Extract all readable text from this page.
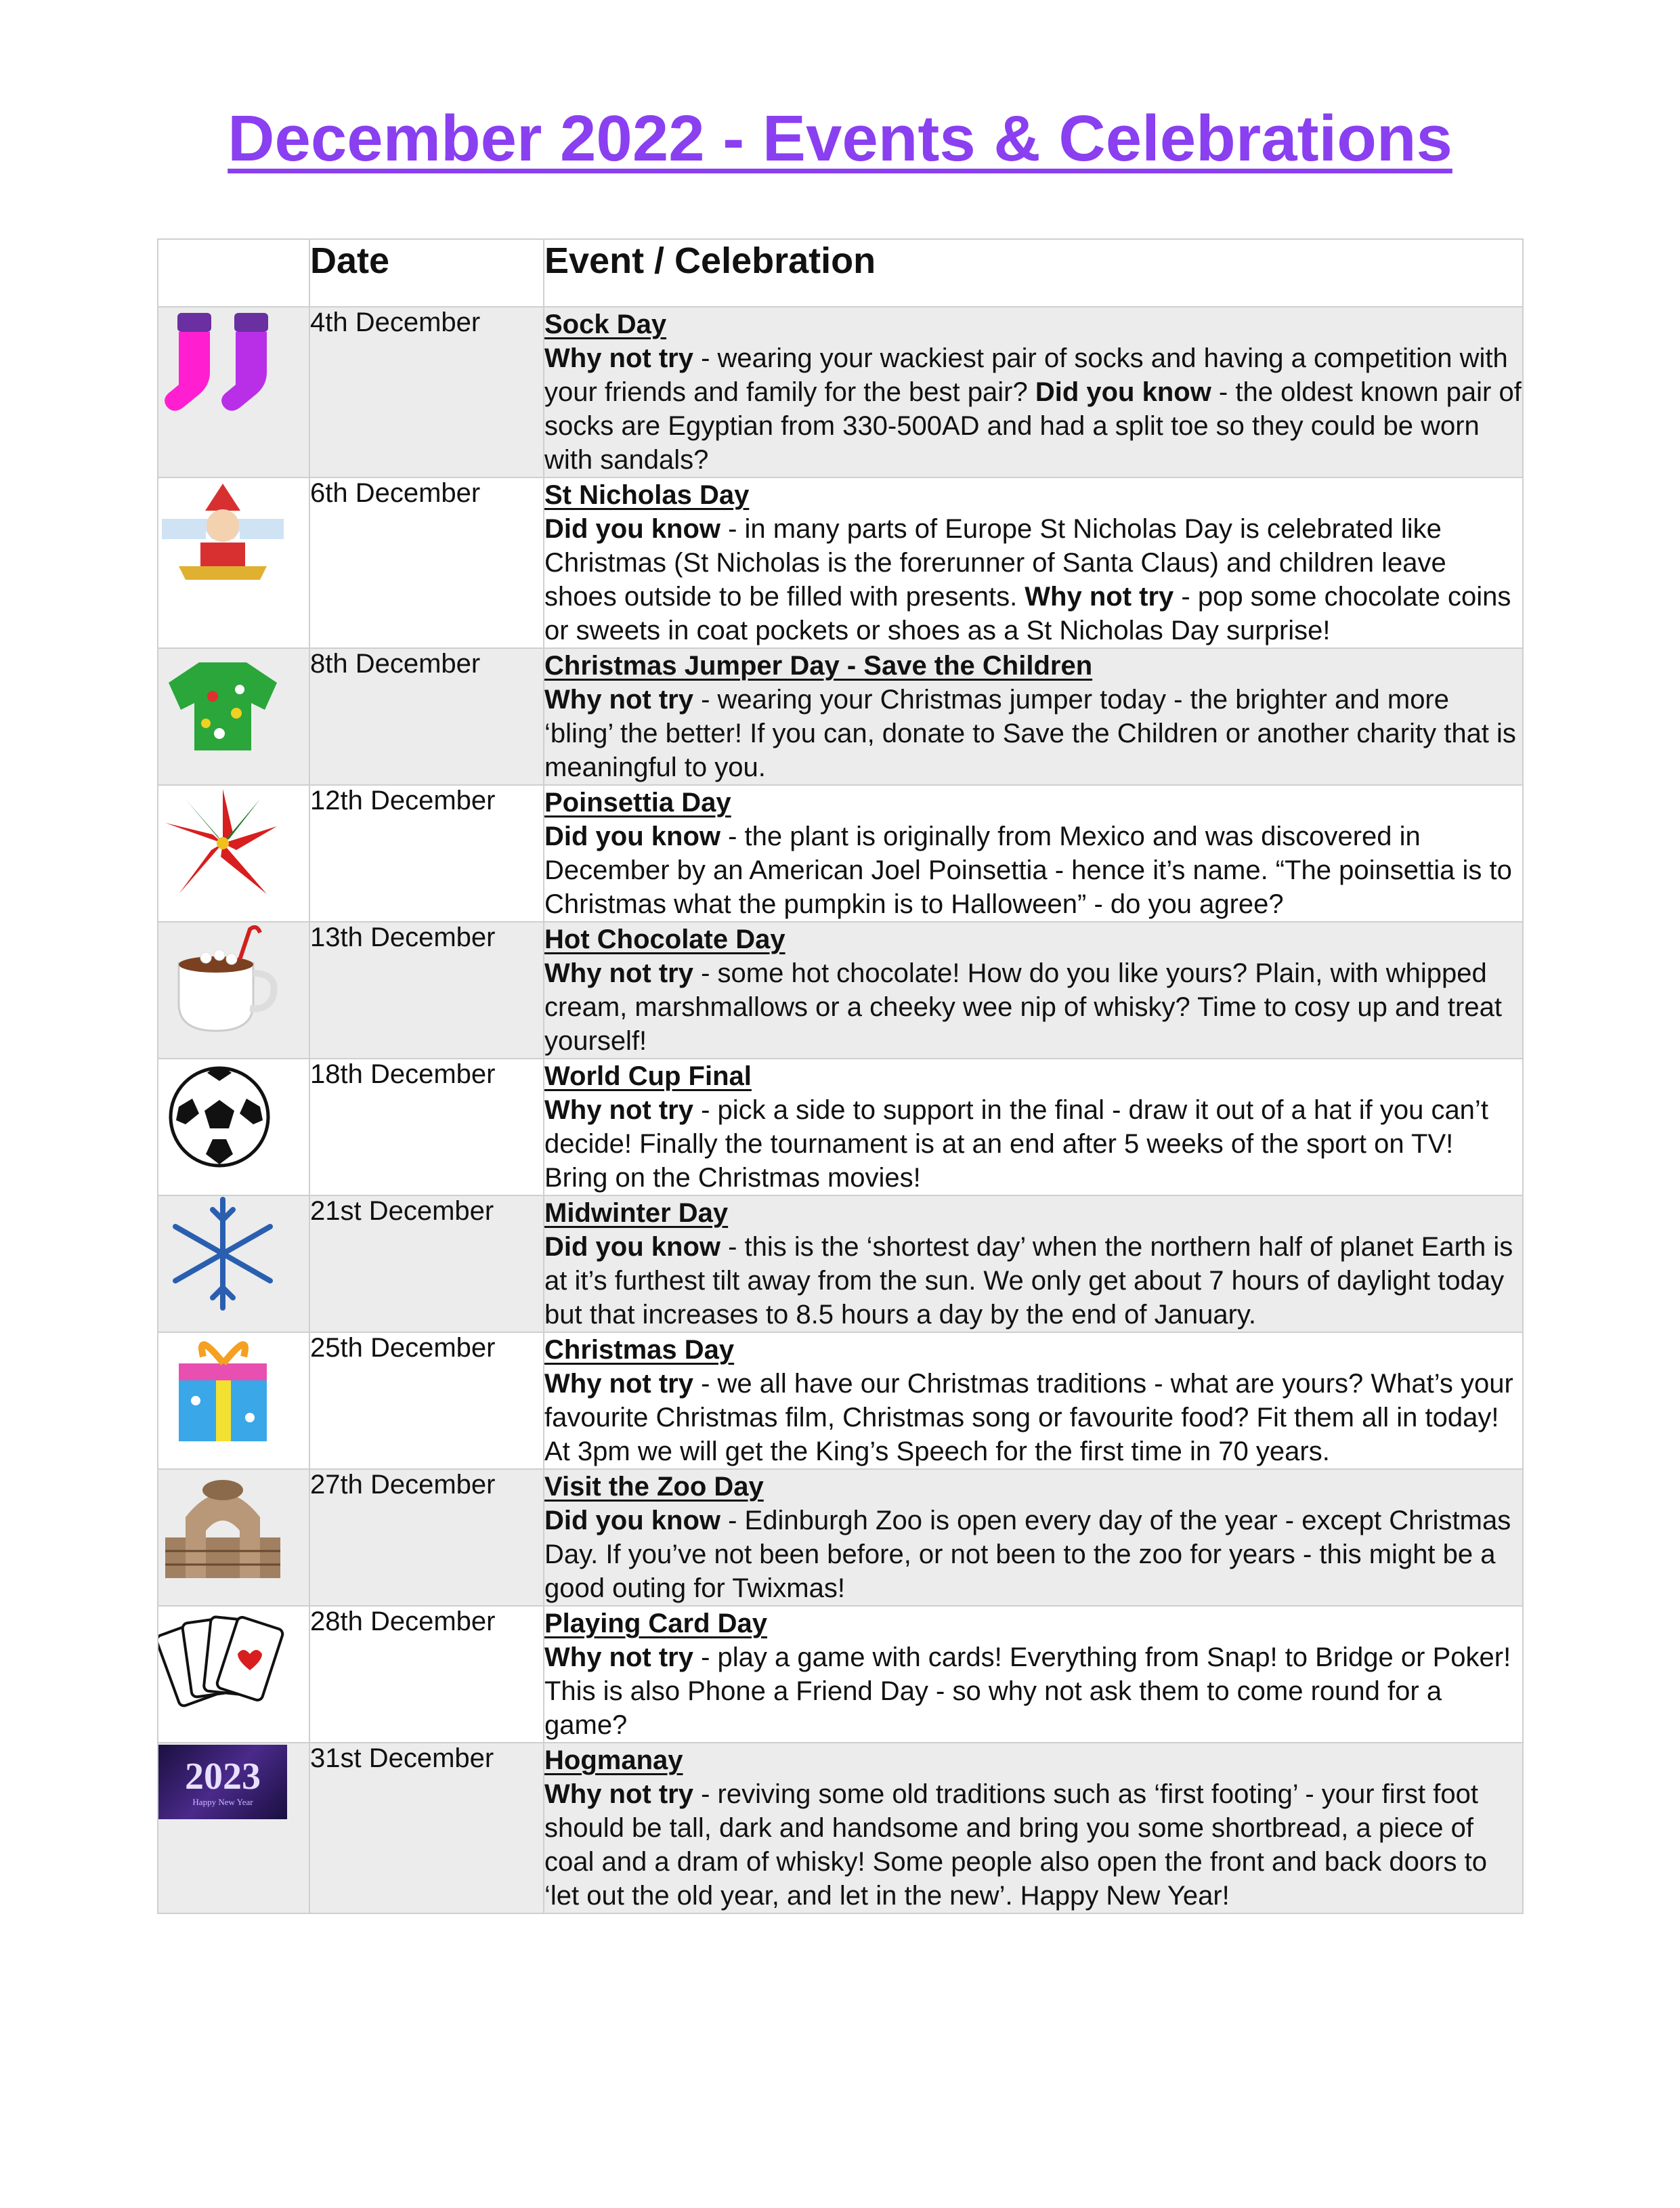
December 2022 - Events & Celebrations
	Date	Event / Celebration

	4th December	Sock Day
Why not try - wearing your wackiest pair of socks and having a competition with your friends and family for the best pair? Did you know - the oldest known pair of socks are Egyptian from 330-500AD and had a split toe so they could be worn with sandals?

	6th December	St Nicholas Day
Did you know - in many parts of Europe St Nicholas Day is celebrated like Christmas (St Nicholas is the forerunner of Santa Claus) and children leave shoes outside to be filled with presents. Why not try - pop some chocolate coins or sweets in coat pockets or shoes as a St Nicholas Day surprise!

	8th December	Christmas Jumper Day - Save the Children
Why not try - wearing your Christmas jumper today - the brighter and more ‘bling’ the better! If you can, donate to Save the Children or another charity that is meaningful to you.

	12th December	Poinsettia Day
Did you know - the plant is originally from Mexico and was discovered in December by an American Joel Poinsettia - hence it’s name. “The poinsettia is to Christmas what the pumpkin is to Halloween” - do you agree?

	13th December	Hot Chocolate Day
Why not try - some hot chocolate! How do you like yours? Plain, with whipped cream, marshmallows or a cheeky wee nip of whisky? Time to cosy up and treat yourself!

	18th December	World Cup Final
Why not try - pick a side to support in the final - draw it out of a hat if you can’t decide! Finally the tournament is at an end after 5 weeks of the sport on TV! Bring on the Christmas movies!

	21st December	Midwinter Day
Did you know - this is the ‘shortest day’ when the northern half of planet Earth is at it’s furthest tilt away from the sun. We only get about 7 hours of daylight today but that increases to 8.5 hours a day by the end of January.

	25th December	Christmas Day
Why not try - we all have our Christmas traditions - what are yours? What’s your favourite Christmas film, Christmas song or favourite food? Fit them all in today! At 3pm we will get the King’s Speech for the first time in 70 years.

	27th December	Visit the Zoo Day
Did you know - Edinburgh Zoo is open every day of the year - except Christmas Day. If you’ve not been before, or not been to the zoo for years - this might be a good outing for Twixmas!

	28th December	Playing Card Day
Why not try - play a game with cards! Everything from Snap! to Bridge or Poker! This is also Phone a Friend Day - so why not ask them to come round for a game?

2023
Happy New Year	31st December	Hogmanay
Why not try - reviving some old traditions such as ‘first footing’ - your first foot should be tall, dark and handsome and bring you some shortbread, a piece of coal and a dram of whisky! Some people also open the front and back doors to ‘let out the old year, and let in the new’. Happy New Year!
